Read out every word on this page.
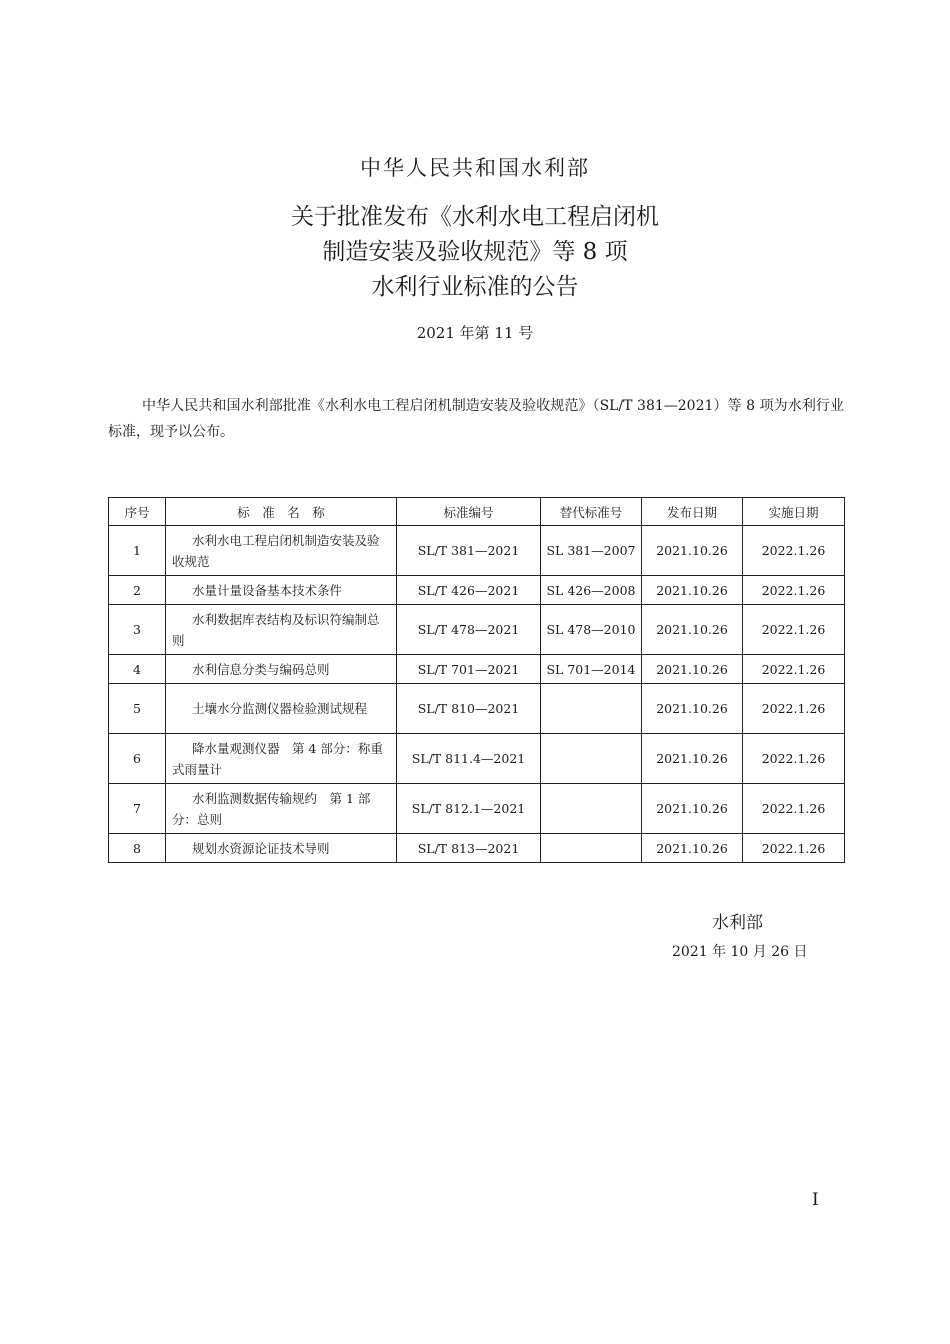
中华人民共和国水利部
关于批准发布《水利水电工程启闭机
制造安装及验收规范》等 8 项
水利行业标准的公告
2021 年第 11 号
中华人民共和国水利部批准《水利水电工程启闭机制造安装及验收规范》（SL/T 381—2021）等 8 项为水利行业标准，现予以公布。
序号	标　准　名　称	标准编号	替代标准号	发布日期	实施日期
1	水利水电工程启闭机制造安装及验收规范	SL/T 381—2021	SL 381—2007	2021.10.26	2022.1.26
2	水量计量设备基本技术条件	SL/T 426—2021	SL 426—2008	2021.10.26	2022.1.26
3	水利数据库表结构及标识符编制总则	SL/T 478—2021	SL 478—2010	2021.10.26	2022.1.26
4	水利信息分类与编码总则	SL/T 701—2021	SL 701—2014	2021.10.26	2022.1.26
5	土壤水分监测仪器检验测试规程	SL/T 810—2021		2021.10.26	2022.1.26
6	降水量观测仪器　第 4 部分：称重式雨量计	SL/T 811.4—2021		2021.10.26	2022.1.26
7	水利监测数据传输规约　第 1 部分：总则	SL/T 812.1—2021		2021.10.26	2022.1.26
8	规划水资源论证技术导则	SL/T 813—2021		2021.10.26	2022.1.26
水利部
2021 年 10 月 26 日
I
